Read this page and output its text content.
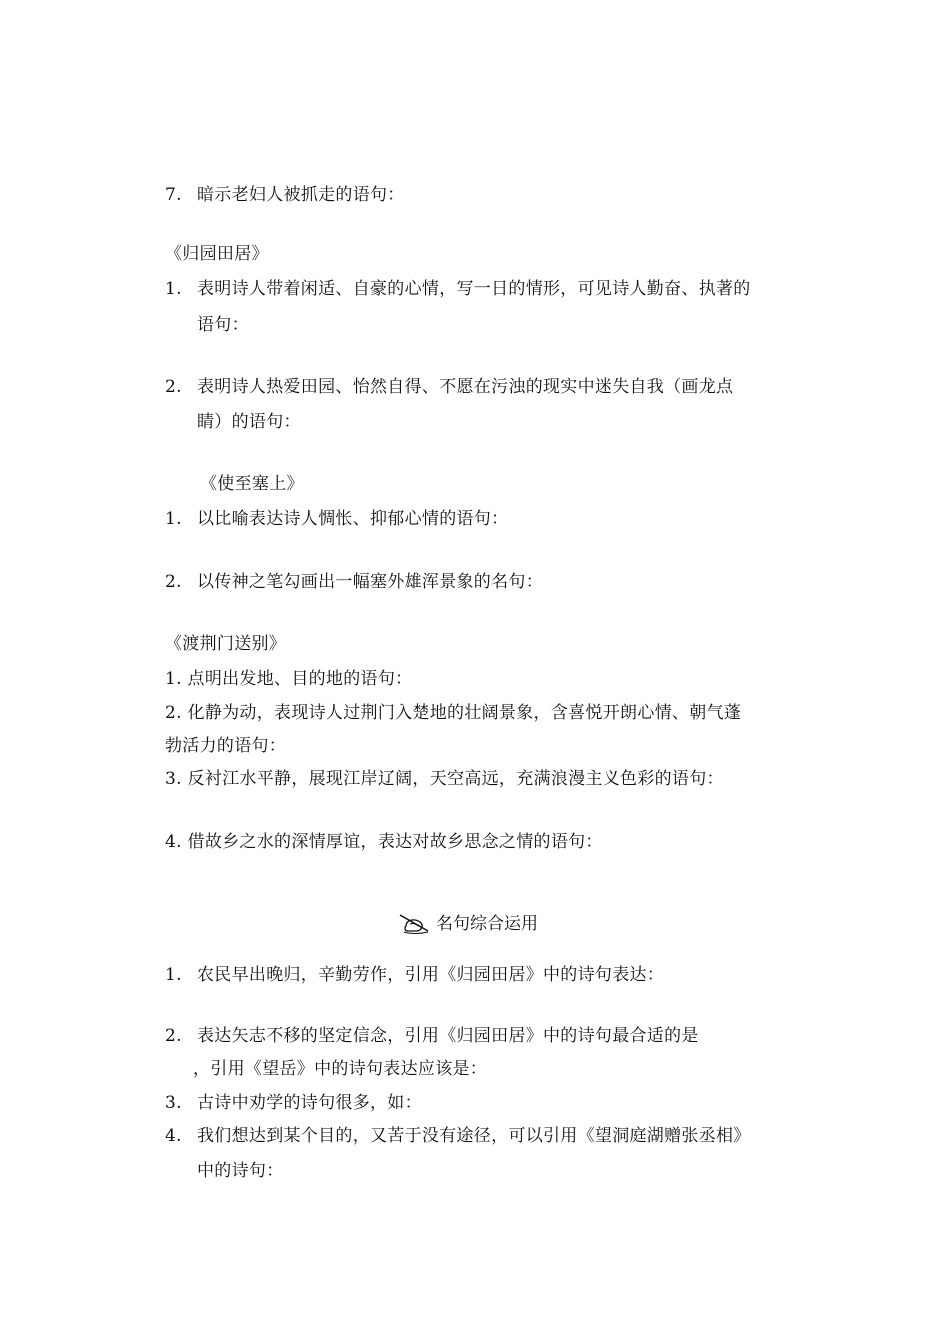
7. 暗示老妇人被抓走的语句：
《归园田居》
1. 表明诗人带着闲适、自豪的心情，写一日的情形，可见诗人勤奋、执著的
语句：
2. 表明诗人热爱田园、怡然自得、不愿在污浊的现实中迷失自我（画龙点
睛）的语句：
《使至塞上》
1. 以比喻表达诗人惆怅、抑郁心情的语句：
2. 以传神之笔勾画出一幅塞外雄浑景象的名句：
《渡荆门送别》
1. 点明出发地、目的地的语句：
2. 化静为动，表现诗人过荆门入楚地的壮阔景象，含喜悦开朗心情、朝气蓬
勃活力的语句：
3. 反衬江水平静，展现江岸辽阔，天空高远，充满浪漫主义色彩的语句：
4. 借故乡之水的深情厚谊，表达对故乡思念之情的语句：
名句综合运用
1. 农民早出晚归，辛勤劳作，引用《归园田居》中的诗句表达：
2. 表达矢志不移的坚定信念，引用《归园田居》中的诗句最合适的是
，引用《望岳》中的诗句表达应该是：
3. 古诗中劝学的诗句很多，如：
4. 我们想达到某个目的，又苦于没有途径，可以引用《望洞庭湖赠张丞相》
中的诗句：
